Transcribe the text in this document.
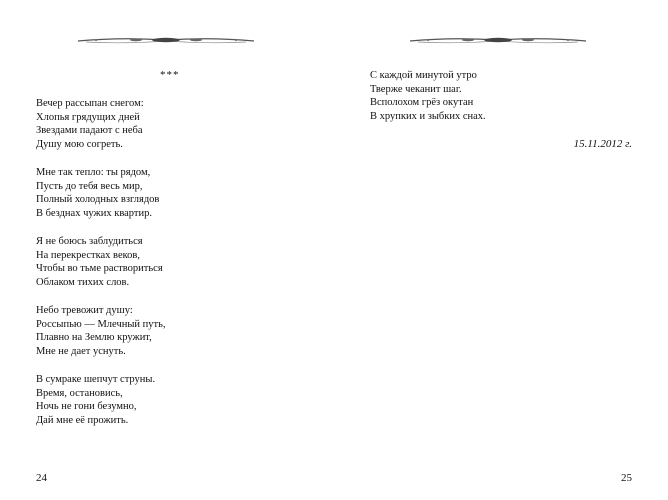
***
Вечер рассыпан снегом:
Хлопья грядущих дней
Звездами падают с неба
Душу мою согреть.
Мне так тепло: ты рядом,
Пусть до тебя весь мир,
Полный холодных взглядов
В безднах чужих квартир.
Я не боюсь заблудиться
На перекрестках веков,
Чтобы во тьме раствориться
Облаком тихих слов.
Небо тревожит душу:
Россыпью — Млечный путь,
Плавно на Землю кружит,
Мне не дает уснуть.
В сумраке шепчут струны.
Время, остановись,
Ночь не гони безумно,
Дай мне её прожить.
24
С каждой минутой утро
Тверже чеканит шаг.
Всполохом грёз окутан
В хрупких и зыбких снах.
15.11.2012 г.
25
